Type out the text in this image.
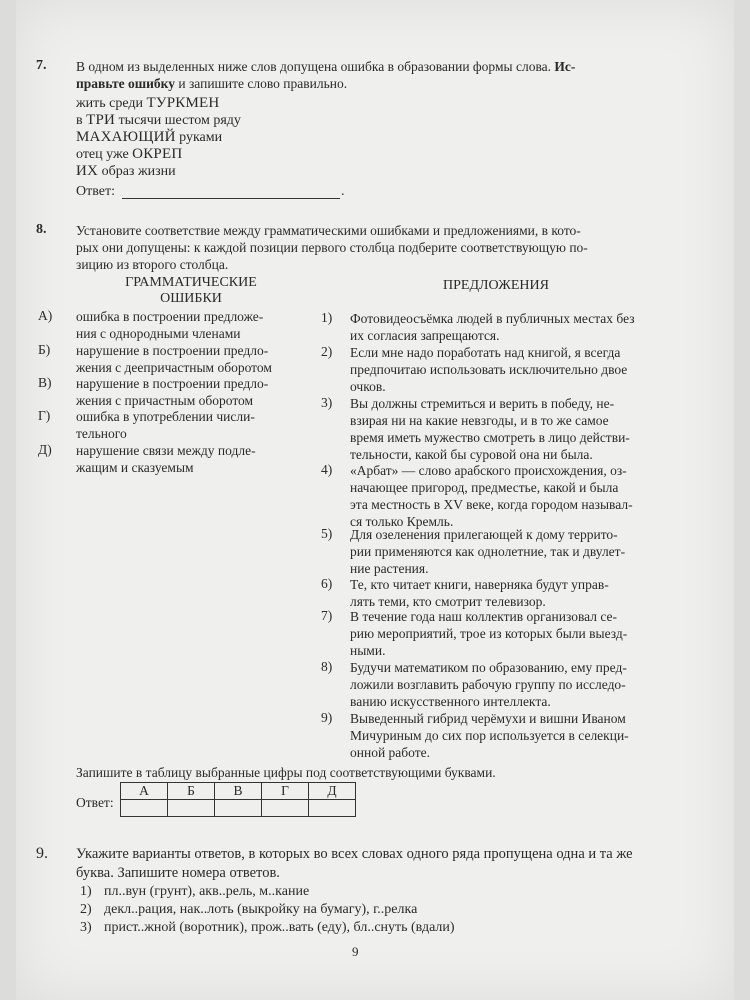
7. В одном из выделенных ниже слов допущена ошибка в образовании формы слова. Ис-
правьте ошибку и запишите слово правильно.
жить среди ТУРКМЕН
в ТРИ тысячи шестом ряду
МАХАЮЩИЙ руками
отец уже ОКРЕП
ИХ образ жизни
Ответ:	.
8. Установите соответствие между грамматическими ошибками и предложениями, в кото-
рых они допущены: к каждой позиции первого столбца подберите соответствующую по-
зицию из второго столбца.
ГРАММАТИЧЕСКИЕ
ОШИБКИ
ПРЕДЛОЖЕНИЯ
А) ошибка в построении предложе-
ния с однородными членами
Б) нарушение в построении предло-
жения с деепричастным оборотом
В) нарушение в построении предло-
жения с причастным оборотом
Г) ошибка в употреблении числи-
тельного
Д) нарушение связи между подле-
жащим и сказуемым
1) Фотовидеосъёмка людей в публичных местах без
их согласия запрещаются.
2) Если мне надо поработать над книгой, я всегда
предпочитаю использовать исключительно двое
очков.
3) Вы должны стремиться и верить в победу, не-
взирая ни на какие невзгоды, и в то же самое
время иметь мужество смотреть в лицо действи-
тельности, какой бы суровой она ни была.
4) «Арбат» — слово арабского происхождения, оз-
начающее пригород, предместье, какой и была
эта местность в XV веке, когда городом называл-
ся только Кремль.
5) Для озеленения прилегающей к дому террито-
рии применяются как однолетние, так и двулет-
ние растения.
6) Те, кто читает книги, наверняка будут управ-
лять теми, кто смотрит телевизор.
7) В течение года наш коллектив организовал се-
рию мероприятий, трое из которых были выезд-
ными.
8) Будучи математиком по образованию, ему пред-
ложили возглавить рабочую группу по исследо-
ванию искусственного интеллекта.
9) Выведенный гибрид черёмухи и вишни Иваном
Мичуриным до сих пор используется в селекци-
онной работе.
Запишите в таблицу выбранные цифры под соответствующими буквами.
Ответ:
А	Б	В	Г	Д

9. Укажите варианты ответов, в которых во всех словах одного ряда пропущена одна и та же
буква. Запишите номера ответов.
1) пл..вун (грунт), акв..рель, м..кание
2) декл..рация, нак..лоть (выкройку на бумагу), г..релка
3) прист..жной (воротник), прож..вать (еду), бл..снуть (вдали)
9
